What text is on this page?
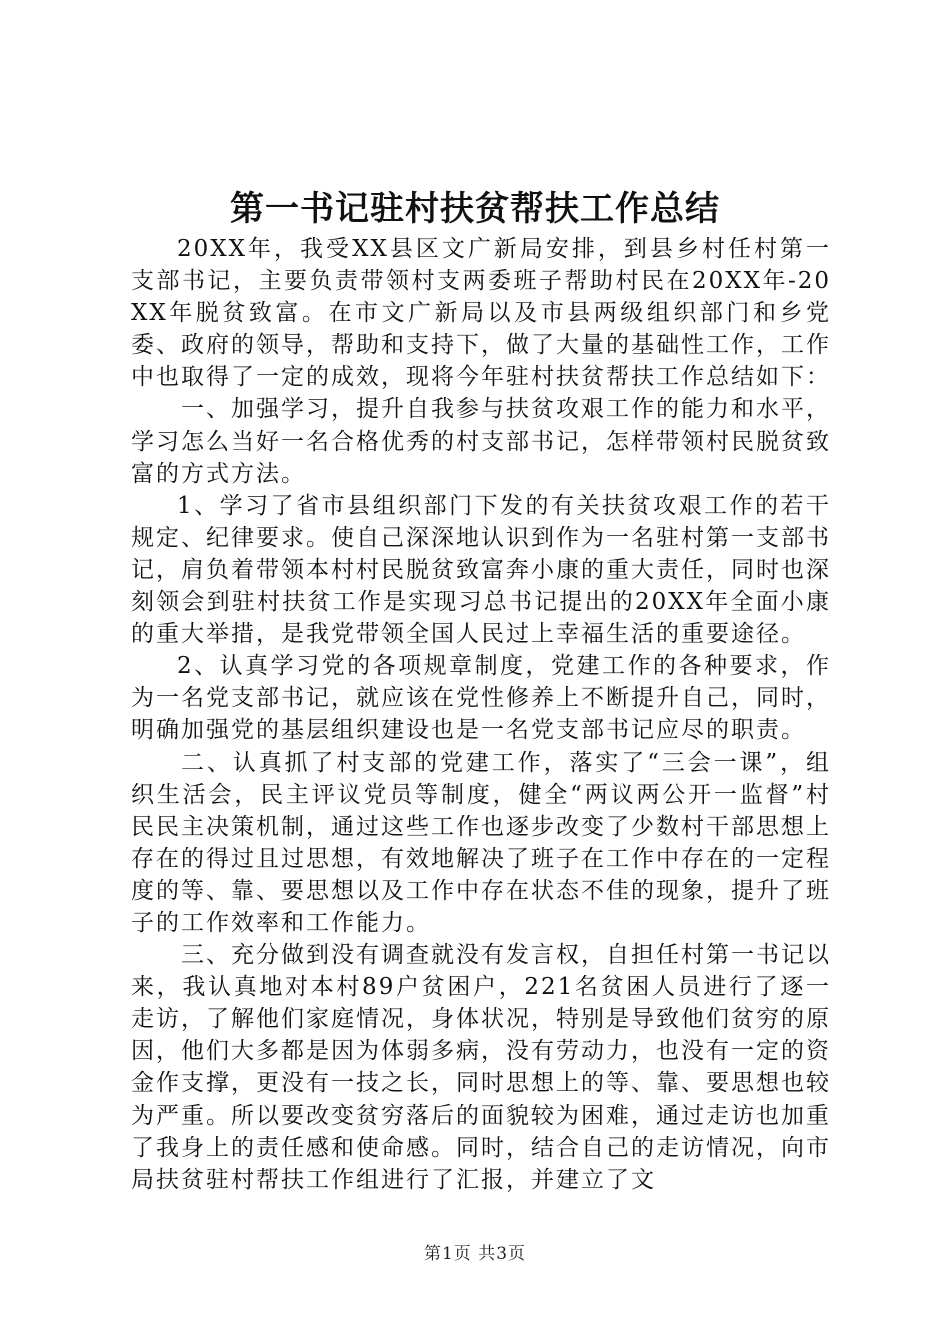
第一书记驻村扶贫帮扶工作总结

20XX年，我受XX县区文广新局安排，到县乡村任村第一支部书记，主要负责带领村支两委班子帮助村民在20XX年-20XX年脱贫致富。在市文广新局以及市县两级组织部门和乡党委、政府的领导，帮助和支持下，做了大量的基础性工作，工作中也取得了一定的成效，现将今年驻村扶贫帮扶工作总结如下：

一、加强学习，提升自我参与扶贫攻艰工作的能力和水平，学习怎么当好一名合格优秀的村支部书记，怎样带领村民脱贫致富的方式方法。

1、学习了省市县组织部门下发的有关扶贫攻艰工作的若干规定、纪律要求。使自己深深地认识到作为一名驻村第一支部书记，肩负着带领本村村民脱贫致富奔小康的重大责任，同时也深刻领会到驻村扶贫工作是实现习总书记提出的20XX年全面小康的重大举措，是我党带领全国人民过上幸福生活的重要途径。

2、认真学习党的各项规章制度，党建工作的各种要求，作为一名党支部书记，就应该在党性修养上不断提升自己，同时，明确加强党的基层组织建设也是一名党支部书记应尽的职责。

二、认真抓了村支部的党建工作，落实了“三会一课”，组织生活会，民主评议党员等制度，健全“两议两公开一监督”村民民主决策机制，通过这些工作也逐步改变了少数村干部思想上存在的得过且过思想，有效地解决了班子在工作中存在的一定程度的等、靠、要思想以及工作中存在状态不佳的现象，提升了班子的工作效率和工作能力。

三、充分做到没有调查就没有发言权，自担任村第一书记以来，我认真地对本村89户贫困户，221名贫困人员进行了逐一走访，了解他们家庭情况，身体状况，特别是导致他们贫穷的原因，他们大多都是因为体弱多病，没有劳动力，也没有一定的资金作支撑，更没有一技之长，同时思想上的等、靠、要思想也较为严重。所以要改变贫穷落后的面貌较为困难，通过走访也加重了我身上的责任感和使命感。同时，结合自己的走访情况，向市局扶贫驻村帮扶工作组进行了汇报，并建立了文

第1页 共3页
